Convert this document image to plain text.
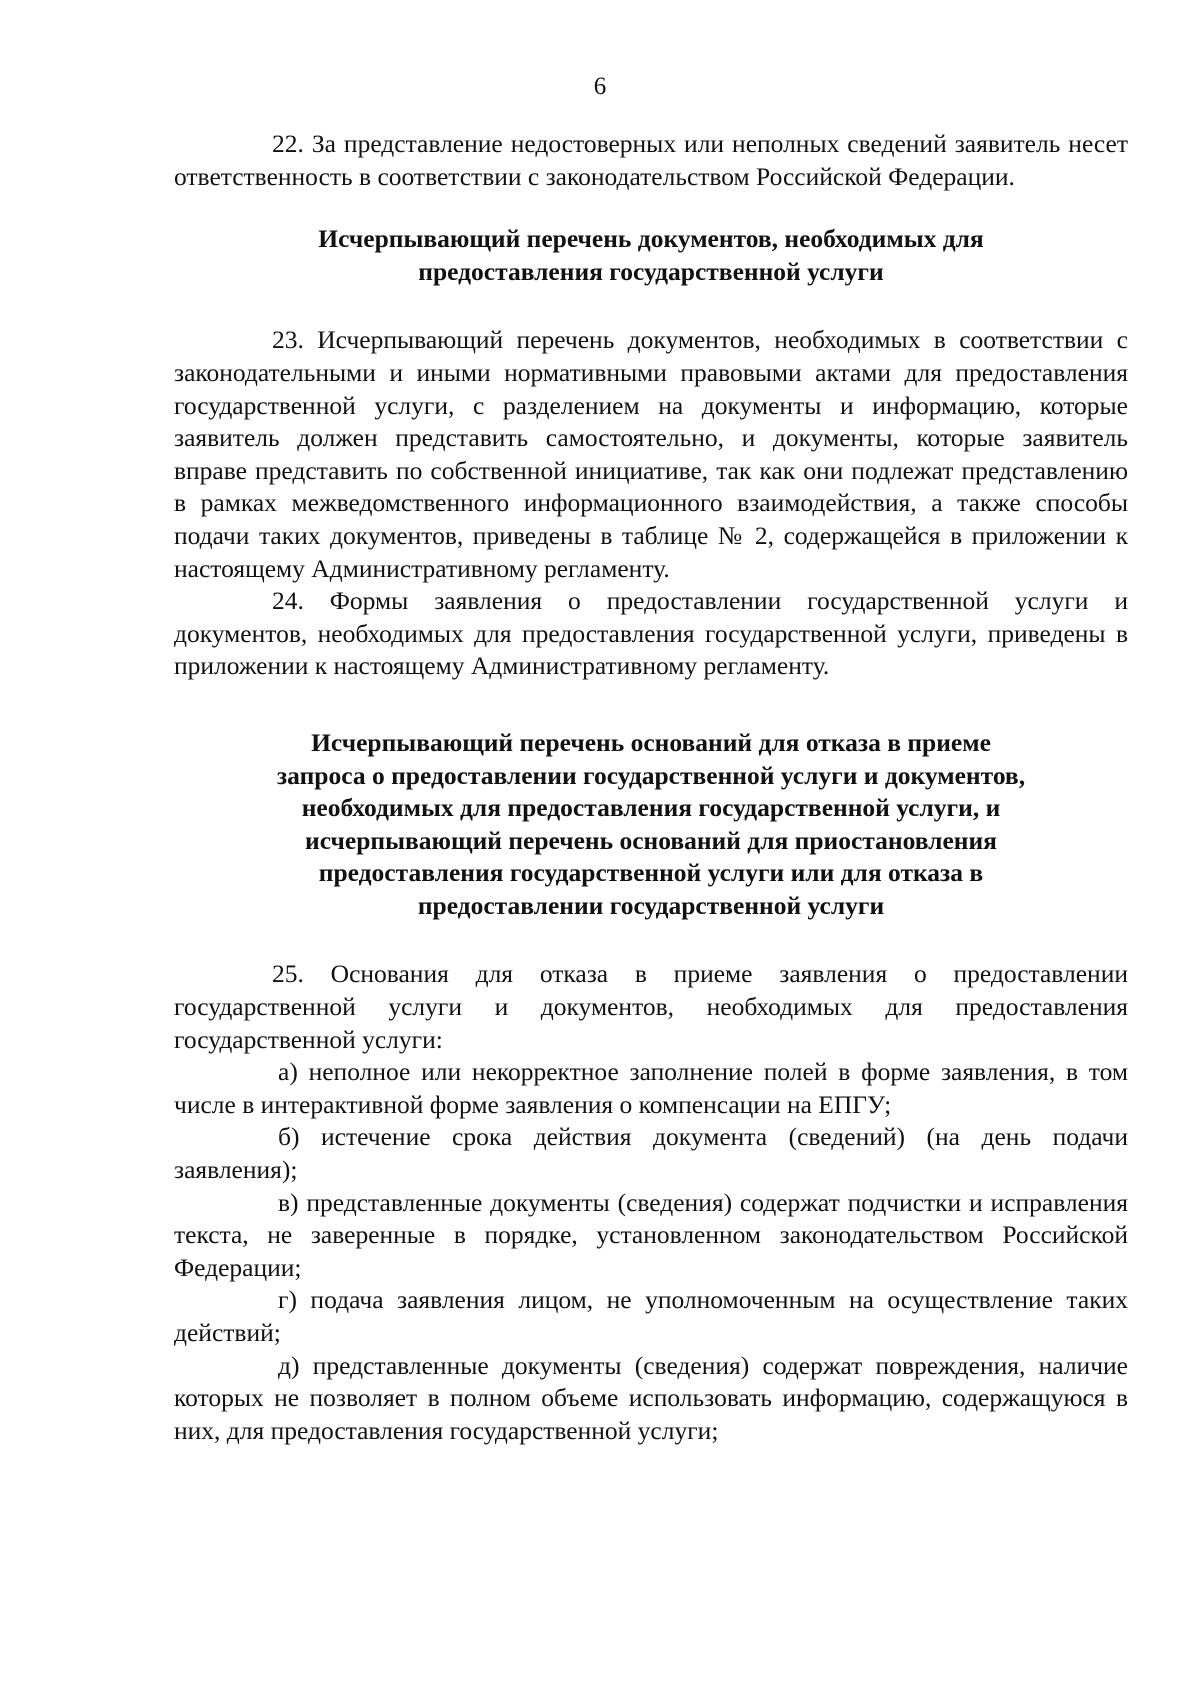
6

22. За представление недостоверных или неполных сведений заявитель несет ответственность в соответствии с законодательством Российской Федерации.

Исчерпывающий перечень документов, необходимых для
предоставления государственной услуги

23. Исчерпывающий перечень документов, необходимых в соответствии с законодательными и иными нормативными правовыми актами для предоставления государственной услуги, с разделением на документы и информацию, которые заявитель должен представить самостоятельно, и документы, которые заявитель вправе представить по собственной инициативе, так как они подлежат представлению в рамках межведомственного информационного взаимодействия, а также способы подачи таких документов, приведены в таблице № 2, содержащейся в приложении к настоящему Административному регламенту.

24. Формы заявления о предоставлении государственной услуги и документов, необходимых для предоставления государственной услуги, приведены в приложении к настоящему Административному регламенту.

Исчерпывающий перечень оснований для отказа в приеме
запроса о предоставлении государственной услуги и документов,
необходимых для предоставления государственной услуги, и
исчерпывающий перечень оснований для приостановления
предоставления государственной услуги или для отказа в
предоставлении государственной услуги

25. Основания для отказа в приеме заявления о предоставлении государственной услуги и документов, необходимых для предоставления государственной услуги:

а) неполное или некорректное заполнение полей в форме заявления, в том числе в интерактивной форме заявления о компенсации на ЕПГУ;

б) истечение срока действия документа (сведений) (на день подачи заявления);

в) представленные документы (сведения) содержат подчистки и исправления текста, не заверенные в порядке, установленном законодательством Российской Федерации;

г) подача заявления лицом, не уполномоченным на осуществление таких действий;

д) представленные документы (сведения) содержат повреждения, наличие которых не позволяет в полном объеме использовать информацию, содержащуюся в них, для предоставления государственной услуги;
